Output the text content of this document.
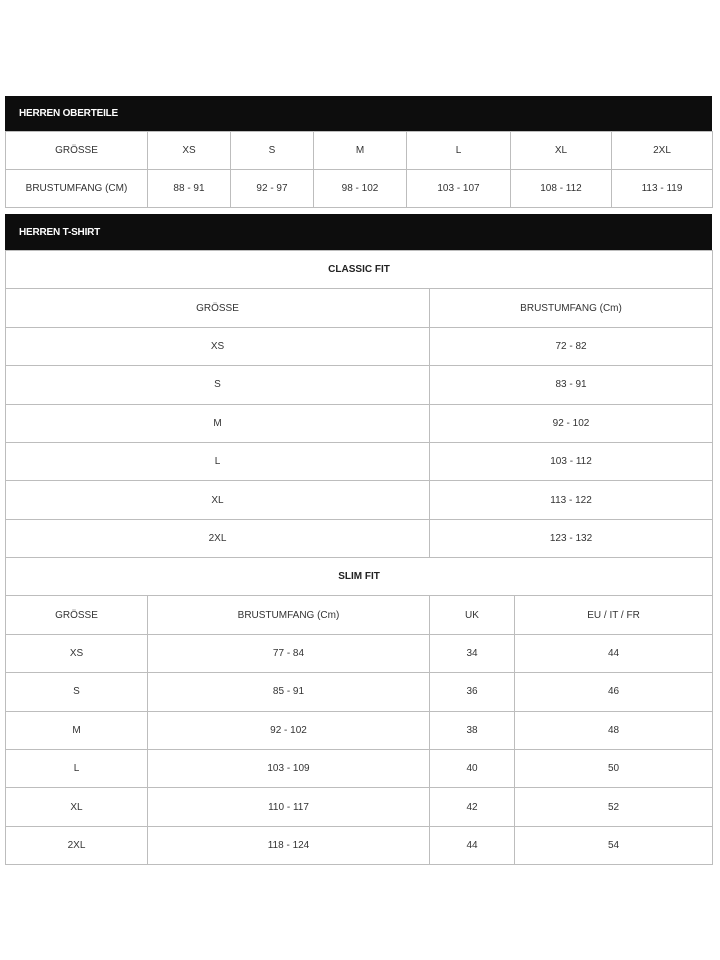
HERREN OBERTEILE
GRÖSSE	XS	S	M	L	XL	2XL
BRUSTUMFANG (CM)	88 - 91	92 - 97	98 - 102	103 - 107	108 - 112	113 - 119
HERREN T-SHIRT
CLASSIC FIT	
GRÖSSE	BRUSTUMFANG (Cm)
XS	72 - 82
S	83 - 91
M	92 - 102
L	103 - 112
XL	113 - 122
2XL	123 - 132
SLIM FIT			
GRÖSSE	BRUSTUMFANG (Cm)	UK	EU / IT / FR
XS	77 - 84	34	44
S	85 - 91	36	46
M	92 - 102	38	48
L	103 - 109	40	50
XL	110 - 117	42	52
2XL	118 - 124	44	54
